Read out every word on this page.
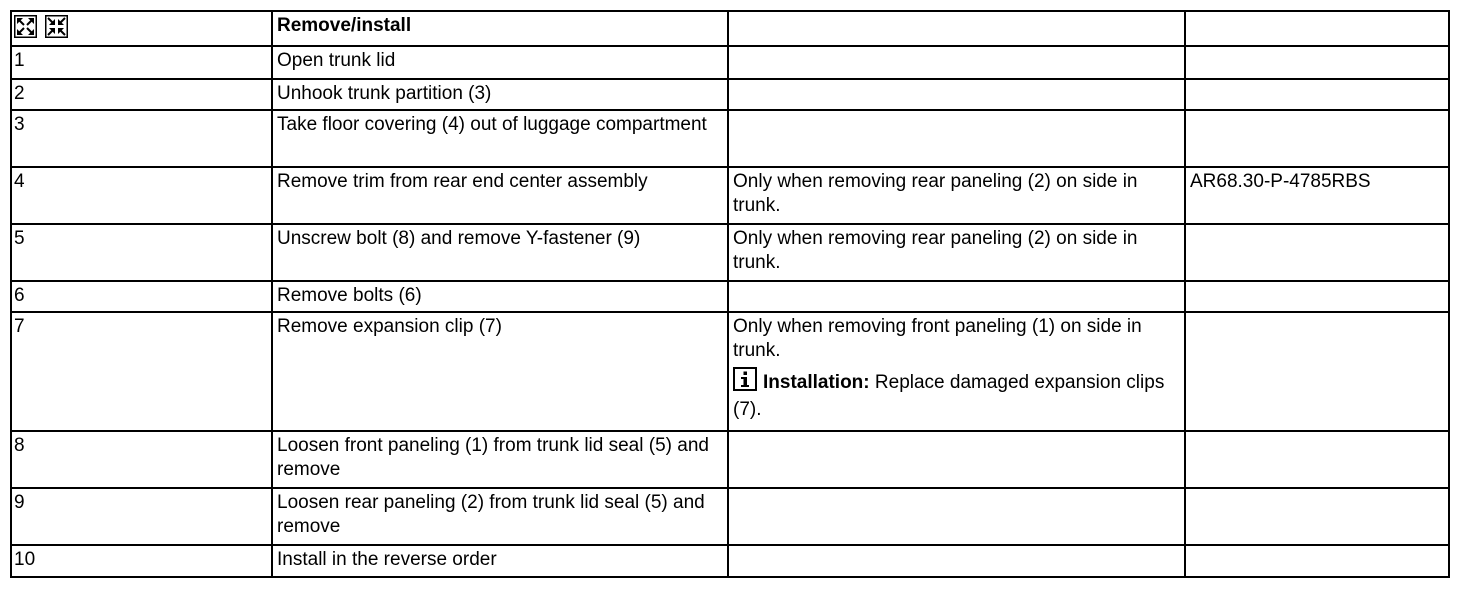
	Remove/install		
1	Open trunk lid		
2	Unhook trunk partition (3)		
3	Take floor covering (4) out of luggage compartment		
4	Remove trim from rear end center assembly	Only when removing rear paneling (2) on side in trunk.	AR68.30-P-4785RBS
5	Unscrew bolt (8) and remove Y-fastener (9)	Only when removing rear paneling (2) on side in trunk.	
6	Remove bolts (6)		
7	Remove expansion clip (7)	Only when removing front paneling (1) on side in trunk.
Installation: Replace damaged expansion clips (7).	

8	Loosen front paneling (1) from trunk lid seal (5) and remove		
9	Loosen rear paneling (2) from trunk lid seal (5) and remove		
10	Install in the reverse order		
